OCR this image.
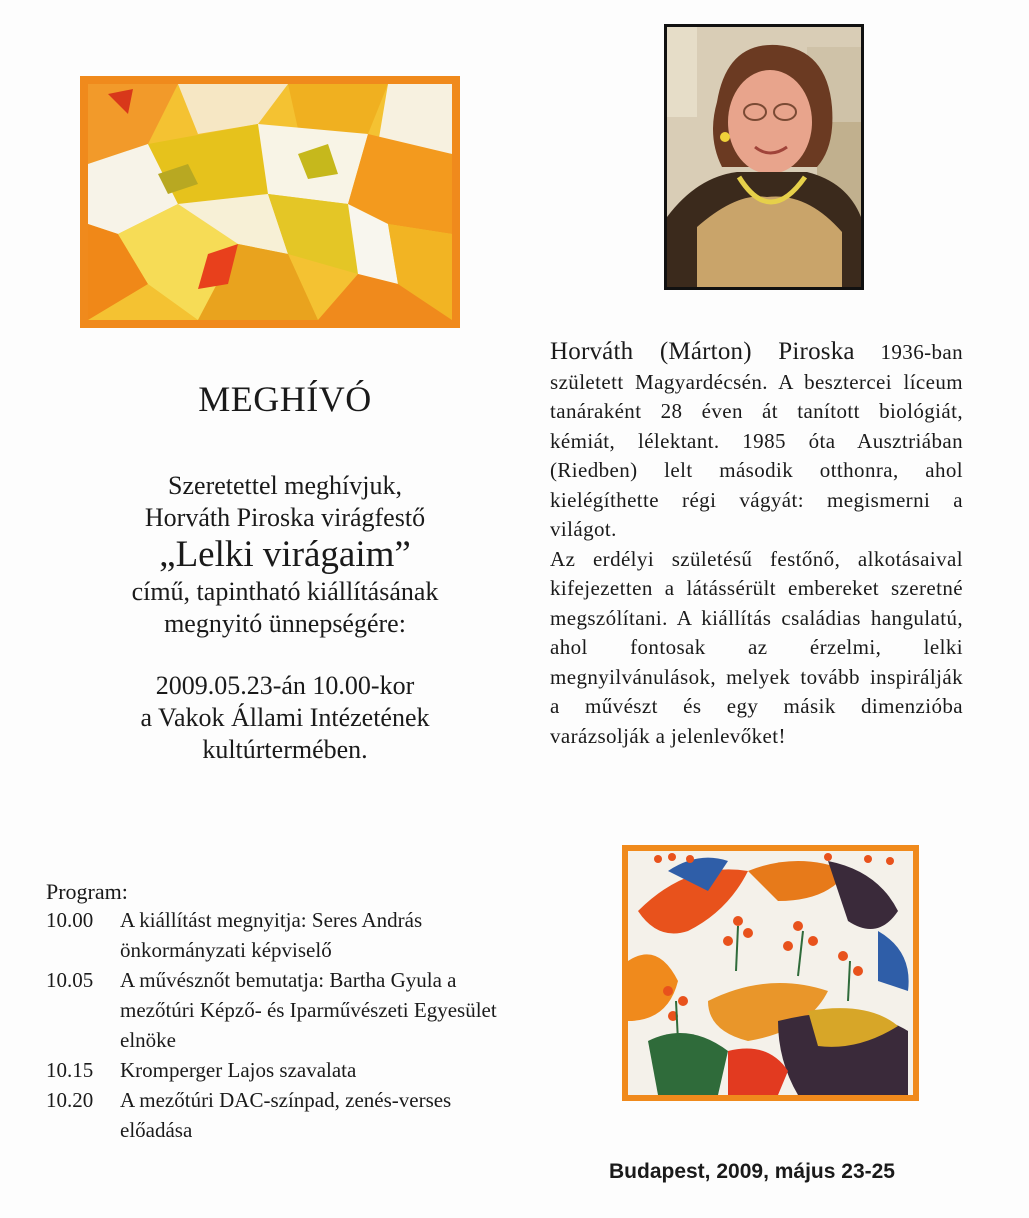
MEGHÍVÓ
Szeretettel meghívjuk,
Horváth Piroska virágfestő
„Lelki virágaim”
című, tapintható kiállításának
megnyitó ünnepségére:
2009.05.23-án 10.00-kor
a Vakok Állami Intézetének
kultúrtermében.
Program:
10.00	A kiállítást megnyitja: Seres András önkormányzati képviselő
10.05	A művésznőt bemutatja: Bartha Gyula a mezőtúri Képző- és Iparművészeti Egyesület elnöke
10.15	Kromperger Lajos szavalata
10.20	A mezőtúri DAC-színpad, zenés-verses előadása
Horváth (Márton) Piroska 1936-ban született Magyardécsén. A besztercei líceum tanáraként 28 éven át tanított biológiát, kémiát, lélektant. 1985 óta Ausztriában (Riedben) lelt második otthonra, ahol kielégíthette régi vágyát: megismerni a világot.
Az erdélyi születésű festőnő, alkotásaival kifejezetten a látássérült embereket szeretné megszólítani. A kiállítás családias hangulatú, ahol fontosak az érzelmi, lelki megnyilvánulások, melyek tovább inspirálják a művészt és egy másik dimenzióba varázsolják a jelenlevőket!
Budapest, 2009, május 23-25
